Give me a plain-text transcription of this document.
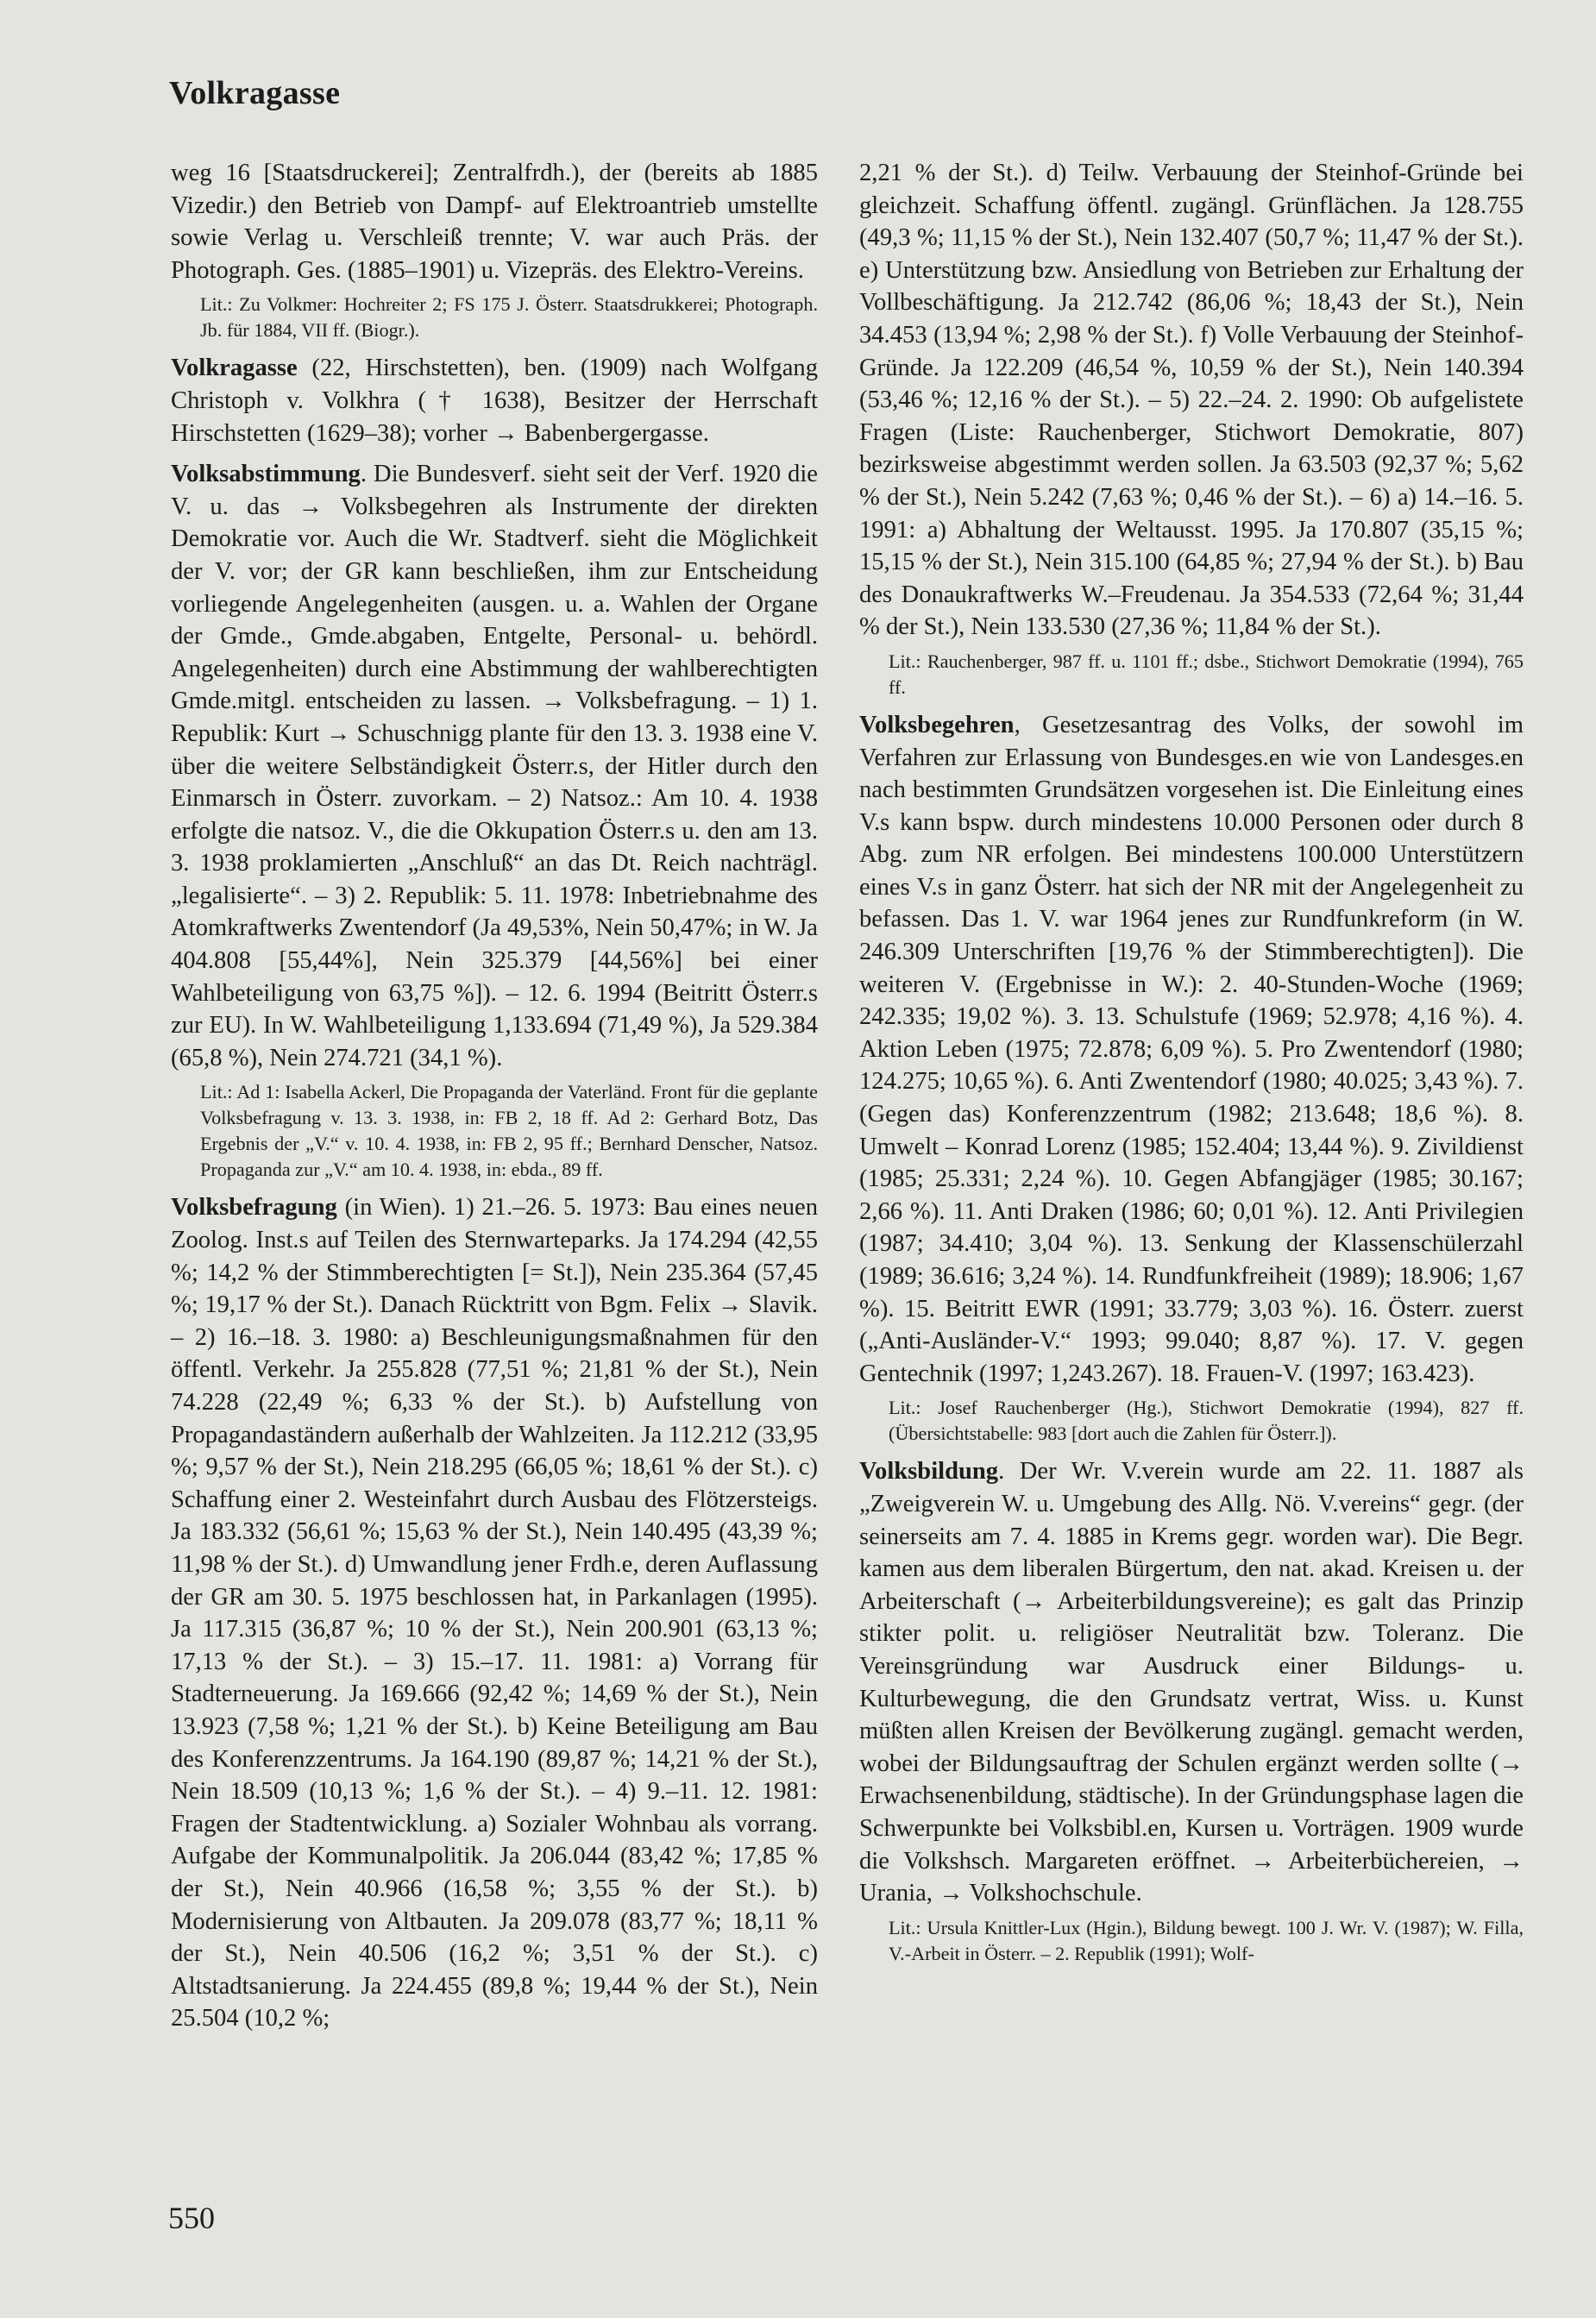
Volkragasse

weg 16 [Staatsdruckerei]; Zentralfrdh.), der (bereits ab 1885 Vizedir.) den Betrieb von Dampf- auf Elektroantrieb umstellte sowie Verlag u. Verschleiß trennte; V. war auch Präs. der Photograph. Ges. (1885–1901) u. Vizepräs. des Elektro-Vereins.

Lit.: Zu Volkmer: Hochreiter 2; FS 175 J. Österr. Staatsdrukkerei; Photograph. Jb. für 1884, VII ff. (Biogr.).

Volkragasse (22, Hirschstetten), ben. (1909) nach Wolfgang Christoph v. Volkhra († 1638), Besitzer der Herrschaft Hirschstetten (1629–38); vorher → Babenbergergasse.

Volksabstimmung. Die Bundesverf. sieht seit der Verf. 1920 die V. u. das → Volksbegehren als Instrumente der direkten Demokratie vor. Auch die Wr. Stadtverf. sieht die Möglichkeit der V. vor; der GR kann beschließen, ihm zur Entscheidung vorliegende Angelegenheiten (ausgen. u. a. Wahlen der Organe der Gmde., Gmde.abgaben, Entgelte, Personal- u. behördl. Angelegenheiten) durch eine Abstimmung der wahlberechtigten Gmde.mitgl. entscheiden zu lassen. → Volksbefragung. – 1) 1. Republik: Kurt → Schuschnigg plante für den 13. 3. 1938 eine V. über die weitere Selbständigkeit Österr.s, der Hitler durch den Einmarsch in Österr. zuvorkam. – 2) Natsoz.: Am 10. 4. 1938 erfolgte die natsoz. V., die die Okkupation Österr.s u. den am 13. 3. 1938 proklamierten „Anschluß“ an das Dt. Reich nachträgl. „legalisierte“. – 3) 2. Republik: 5. 11. 1978: Inbetriebnahme des Atomkraftwerks Zwentendorf (Ja 49,53%, Nein 50,47%; in W. Ja 404.808 [55,44%], Nein 325.379 [44,56%] bei einer Wahlbeteiligung von 63,75 %]). – 12. 6. 1994 (Beitritt Österr.s zur EU). In W. Wahlbeteiligung 1,133.694 (71,49 %), Ja 529.384 (65,8 %), Nein 274.721 (34,1 %).

Lit.: Ad 1: Isabella Ackerl, Die Propaganda der Vaterländ. Front für die geplante Volksbefragung v. 13. 3. 1938, in: FB 2, 18 ff. Ad 2: Gerhard Botz, Das Ergebnis der „V.“ v. 10. 4. 1938, in: FB 2, 95 ff.; Bernhard Denscher, Natsoz. Propaganda zur „V.“ am 10. 4. 1938, in: ebda., 89 ff.

Volksbefragung (in Wien). 1) 21.–26. 5. 1973: Bau eines neuen Zoolog. Inst.s auf Teilen des Sternwarteparks. Ja 174.294 (42,55 %; 14,2 % der Stimmberechtigten [= St.]), Nein 235.364 (57,45 %; 19,17 % der St.). Danach Rücktritt von Bgm. Felix → Slavik. – 2) 16.–18. 3. 1980: a) Beschleunigungsmaßnahmen für den öffentl. Verkehr. Ja 255.828 (77,51 %; 21,81 % der St.), Nein 74.228 (22,49 %; 6,33 % der St.). b) Aufstellung von Propagandaständern außerhalb der Wahlzeiten. Ja 112.212 (33,95 %; 9,57 % der St.), Nein 218.295 (66,05 %; 18,61 % der St.). c) Schaffung einer 2. Westeinfahrt durch Ausbau des Flötzersteigs. Ja 183.332 (56,61 %; 15,63 % der St.), Nein 140.495 (43,39 %; 11,98 % der St.). d) Umwandlung jener Frdh.e, deren Auflassung der GR am 30. 5. 1975 beschlossen hat, in Parkanlagen (1995). Ja 117.315 (36,87 %; 10 % der St.), Nein 200.901 (63,13 %; 17,13 % der St.). – 3) 15.–17. 11. 1981: a) Vorrang für Stadterneuerung. Ja 169.666 (92,42 %; 14,69 % der St.), Nein 13.923 (7,58 %; 1,21 % der St.). b) Keine Beteiligung am Bau des Konferenzzentrums. Ja 164.190 (89,87 %; 14,21 % der St.), Nein 18.509 (10,13 %; 1,6 % der St.). – 4) 9.–11. 12. 1981: Fragen der Stadtentwicklung. a) Sozialer Wohnbau als vorrang. Aufgabe der Kommunalpolitik. Ja 206.044 (83,42 %; 17,85 % der St.), Nein 40.966 (16,58 %; 3,55 % der St.). b) Modernisierung von Altbauten. Ja 209.078 (83,77 %; 18,11 % der St.), Nein 40.506 (16,2 %; 3,51 % der St.). c) Altstadtsanierung. Ja 224.455 (89,8 %; 19,44 % der St.), Nein 25.504 (10,2 %;

2,21 % der St.). d) Teilw. Verbauung der Steinhof-Gründe bei gleichzeit. Schaffung öffentl. zugängl. Grünflächen. Ja 128.755 (49,3 %; 11,15 % der St.), Nein 132.407 (50,7 %; 11,47 % der St.). e) Unterstützung bzw. Ansiedlung von Betrieben zur Erhaltung der Vollbeschäftigung. Ja 212.742 (86,06 %; 18,43 der St.), Nein 34.453 (13,94 %; 2,98 % der St.). f) Volle Verbauung der Steinhof-Gründe. Ja 122.209 (46,54 %, 10,59 % der St.), Nein 140.394 (53,46 %; 12,16 % der St.). – 5) 22.–24. 2. 1990: Ob aufgelistete Fragen (Liste: Rauchenberger, Stichwort Demokratie, 807) bezirksweise abgestimmt werden sollen. Ja 63.503 (92,37 %; 5,62 % der St.), Nein 5.242 (7,63 %; 0,46 % der St.). – 6) a) 14.–16. 5. 1991: a) Abhaltung der Weltausst. 1995. Ja 170.807 (35,15 %; 15,15 % der St.), Nein 315.100 (64,85 %; 27,94 % der St.). b) Bau des Donaukraftwerks W.–Freudenau. Ja 354.533 (72,64 %; 31,44 % der St.), Nein 133.530 (27,36 %; 11,84 % der St.).

Lit.: Rauchenberger, 987 ff. u. 1101 ff.; dsbe., Stichwort Demokratie (1994), 765 ff.

Volksbegehren, Gesetzesantrag des Volks, der sowohl im Verfahren zur Erlassung von Bundesges.en wie von Landesges.en nach bestimmten Grundsätzen vorgesehen ist. Die Einleitung eines V.s kann bspw. durch mindestens 10.000 Personen oder durch 8 Abg. zum NR erfolgen. Bei mindestens 100.000 Unterstützern eines V.s in ganz Österr. hat sich der NR mit der Angelegenheit zu befassen. Das 1. V. war 1964 jenes zur Rundfunkreform (in W. 246.309 Unterschriften [19,76 % der Stimmberechtigten]). Die weiteren V. (Ergebnisse in W.): 2. 40-Stunden-Woche (1969; 242.335; 19,02 %). 3. 13. Schulstufe (1969; 52.978; 4,16 %). 4. Aktion Leben (1975; 72.878; 6,09 %). 5. Pro Zwentendorf (1980; 124.275; 10,65 %). 6. Anti Zwentendorf (1980; 40.025; 3,43 %). 7. (Gegen das) Konferenzzentrum (1982; 213.648; 18,6 %). 8. Umwelt – Konrad Lorenz (1985; 152.404; 13,44 %). 9. Zivildienst (1985; 25.331; 2,24 %). 10. Gegen Abfangjäger (1985; 30.167; 2,66 %). 11. Anti Draken (1986; 60; 0,01 %). 12. Anti Privilegien (1987; 34.410; 3,04 %). 13. Senkung der Klassenschülerzahl (1989; 36.616; 3,24 %). 14. Rundfunkfreiheit (1989); 18.906; 1,67 %). 15. Beitritt EWR (1991; 33.779; 3,03 %). 16. Österr. zuerst („Anti-Ausländer-V.“ 1993; 99.040; 8,87 %). 17. V. gegen Gentechnik (1997; 1,243.267). 18. Frauen-V. (1997; 163.423).

Lit.: Josef Rauchenberger (Hg.), Stichwort Demokratie (1994), 827 ff. (Übersichtstabelle: 983 [dort auch die Zahlen für Österr.]).

Volksbildung. Der Wr. V.verein wurde am 22. 11. 1887 als „Zweigverein W. u. Umgebung des Allg. Nö. V.vereins“ gegr. (der seinerseits am 7. 4. 1885 in Krems gegr. worden war). Die Begr. kamen aus dem liberalen Bürgertum, den nat. akad. Kreisen u. der Arbeiterschaft (→ Arbeiterbildungsvereine); es galt das Prinzip stikter polit. u. religiöser Neutralität bzw. Toleranz. Die Vereinsgründung war Ausdruck einer Bildungs- u. Kulturbewegung, die den Grundsatz vertrat, Wiss. u. Kunst müßten allen Kreisen der Bevölkerung zugängl. gemacht werden, wobei der Bildungsauftrag der Schulen ergänzt werden sollte (→ Erwachsenenbildung, städtische). In der Gründungsphase lagen die Schwerpunkte bei Volksbibl.en, Kursen u. Vorträgen. 1909 wurde die Volkshsch. Margareten eröffnet. → Arbeiterbüchereien, → Urania, → Volkshochschule.

Lit.: Ursula Knittler-Lux (Hgin.), Bildung bewegt. 100 J. Wr. V. (1987); W. Filla, V.-Arbeit in Österr. – 2. Republik (1991); Wolf-

550
